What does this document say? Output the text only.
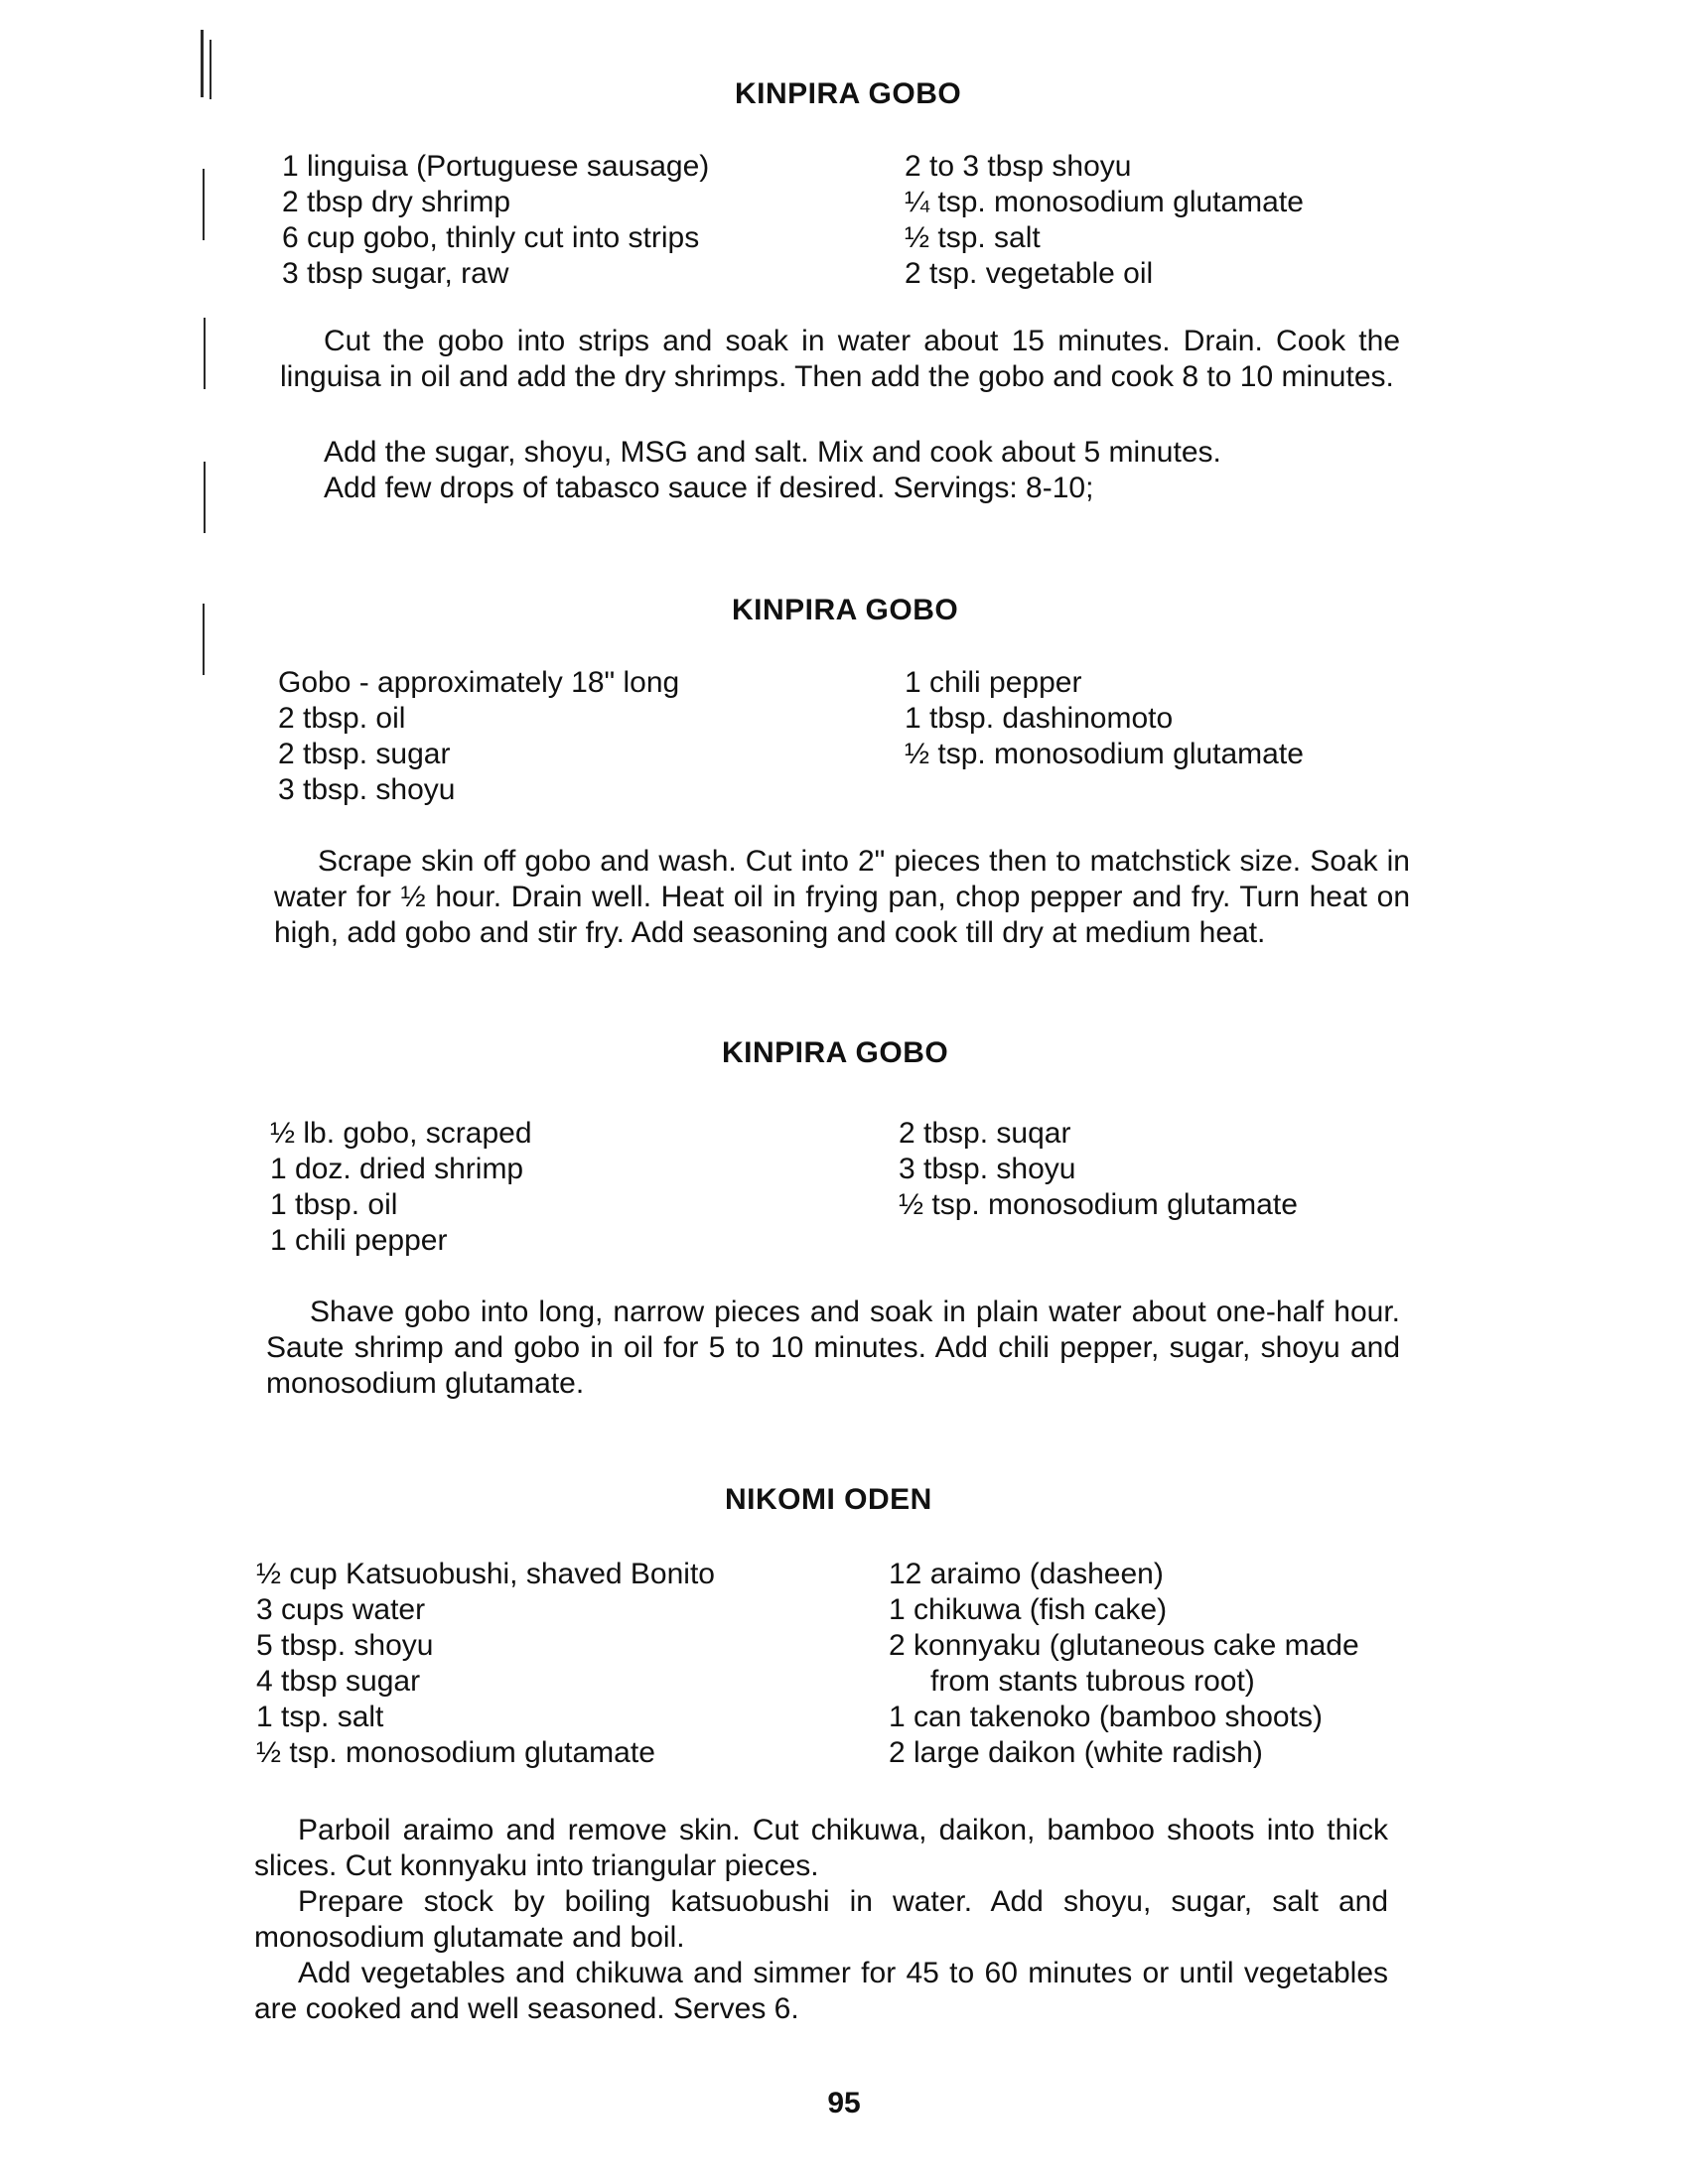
KINPIRA GOBO
1 linguisa (Portuguese sausage)
2 tbsp dry shrimp
6 cup gobo, thinly cut into strips
3 tbsp sugar, raw
2 to 3 tbsp shoyu
¼ tsp. monosodium glutamate
½ tsp. salt
2 tsp. vegetable oil

Cut the gobo into strips and soak in water about 15 minutes. Drain. Cook the linguisa in oil and add the dry shrimps. Then add the gobo and cook 8 to 10 minutes.

Add the sugar, shoyu, MSG and salt. Mix and cook about 5 minutes.

Add few drops of tabasco sauce if desired. Servings: 8-10;

KINPIRA GOBO
Gobo - approximately 18" long
2 tbsp. oil
2 tbsp. sugar
3 tbsp. shoyu
1 chili pepper
1 tbsp. dashinomoto
½ tsp. monosodium glutamate

Scrape skin off gobo and wash. Cut into 2" pieces then to matchstick size. Soak in water for ½ hour. Drain well. Heat oil in frying pan, chop pepper and fry. Turn heat on high, add gobo and stir fry. Add seasoning and cook till dry at medium heat.

KINPIRA GOBO
½ lb. gobo, scraped
1 doz. dried shrimp
1 tbsp. oil
1 chili pepper
2 tbsp. suqar
3 tbsp. shoyu
½ tsp. monosodium glutamate

Shave gobo into long, narrow pieces and soak in plain water about one-half hour. Saute shrimp and gobo in oil for 5 to 10 minutes. Add chili pepper, sugar, shoyu and monosodium glutamate.

NIKOMI ODEN
½ cup Katsuobushi, shaved Bonito
3 cups water
5 tbsp. shoyu
4 tbsp sugar
1 tsp. salt
½ tsp. monosodium glutamate
12 araimo (dasheen)
1 chikuwa (fish cake)
2 konnyaku (glutaneous cake made
from stants tubrous root)
1 can takenoko (bamboo shoots)
2 large daikon (white radish)

Parboil araimo and remove skin. Cut chikuwa, daikon, bamboo shoots into thick slices. Cut konnyaku into triangular pieces.

Prepare stock by boiling katsuobushi in water. Add shoyu, sugar, salt and monosodium glutamate and boil.

Add vegetables and chikuwa and simmer for 45 to 60 minutes or until vegetables are cooked and well seasoned. Serves 6.

95
